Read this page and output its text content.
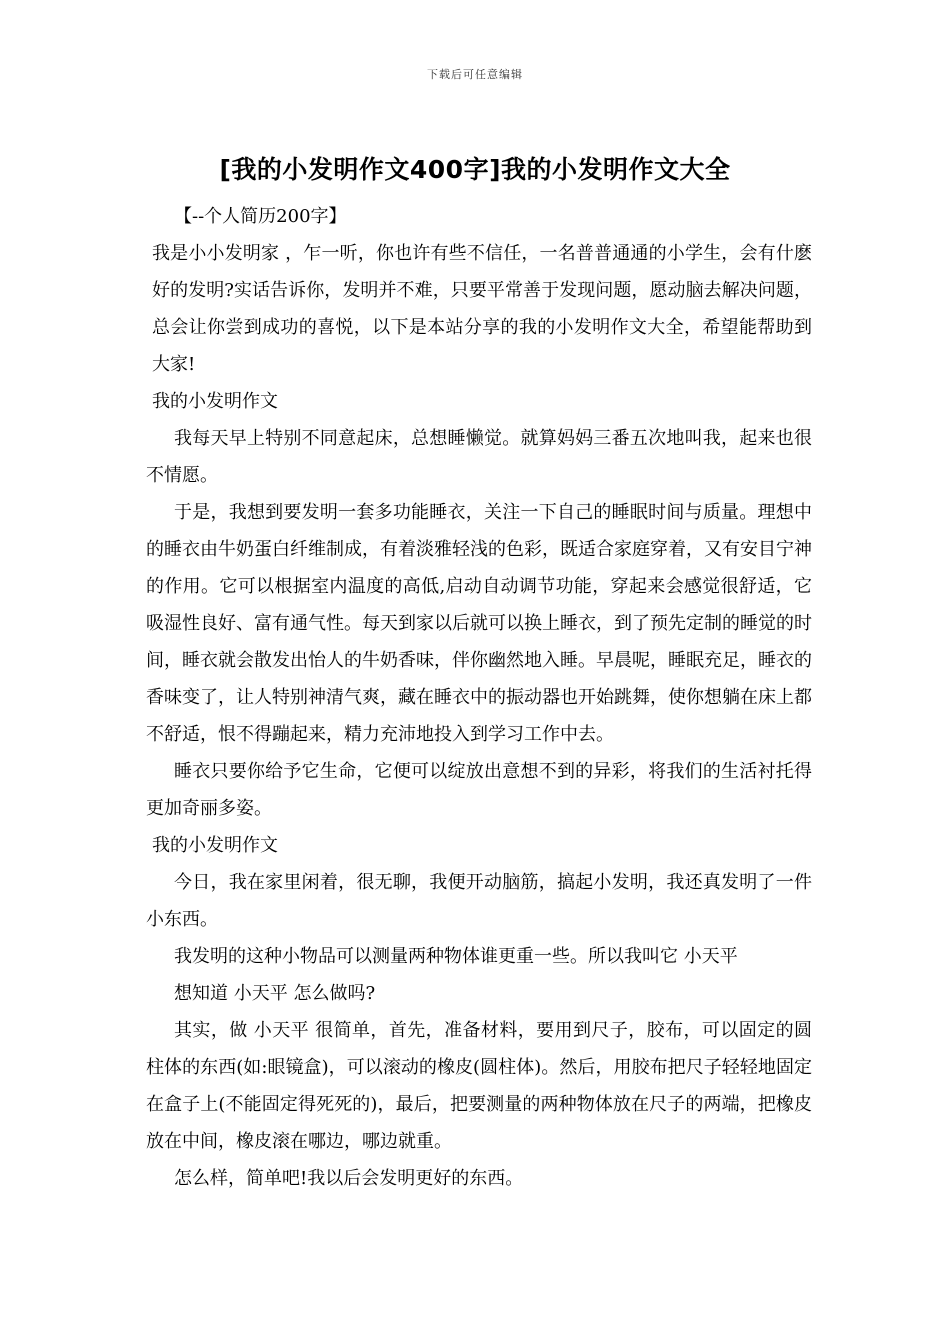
下载后可任意编辑
[我的小发明作文400字]我的小发明作文大全

【--个人简历200字】

我是小小发明家 ，乍一听，你也许有些不信任，一名普普通通的小学生，会有什麽好的发明?实话告诉你，发明并不难，只要平常善于发现问题，愿动脑去解决问题，总会让你尝到成功的喜悦，以下是本站分享的我的小发明作文大全，希望能帮助到大家!

我的小发明作文

我每天早上特别不同意起床，总想睡懒觉。就算妈妈三番五次地叫我，起来也很不情愿。

于是，我想到要发明一套多功能睡衣，关注一下自己的睡眠时间与质量。理想中的睡衣由牛奶蛋白纤维制成，有着淡雅轻浅的色彩，既适合家庭穿着，又有安目宁神的作用。它可以根据室内温度的高低,启动自动调节功能，穿起来会感觉很舒适，它吸湿性良好、富有通气性。每天到家以后就可以换上睡衣，到了预先定制的睡觉的时间，睡衣就会散发出怡人的牛奶香味，伴你幽然地入睡。早晨呢，睡眠充足，睡衣的香味变了，让人特别神清气爽，藏在睡衣中的振动器也开始跳舞，使你想躺在床上都不舒适，恨不得蹦起来，精力充沛地投入到学习工作中去。

睡衣只要你给予它生命，它便可以绽放出意想不到的异彩，将我们的生活衬托得更加奇丽多姿。

我的小发明作文

今日，我在家里闲着，很无聊，我便开动脑筋，搞起小发明，我还真发明了一件小东西。

我发明的这种小物品可以测量两种物体谁更重一些。所以我叫它 小天平

想知道 小天平 怎么做吗?

其实，做 小天平 很简单，首先，准备材料，要用到尺子，胶布，可以固定的圆柱体的东西(如:眼镜盒)，可以滚动的橡皮(圆柱体)。然后，用胶布把尺子轻轻地固定在盒子上(不能固定得死死的)，最后，把要测量的两种物体放在尺子的两端，把橡皮放在中间，橡皮滚在哪边，哪边就重。

怎么样，简单吧!我以后会发明更好的东西。
